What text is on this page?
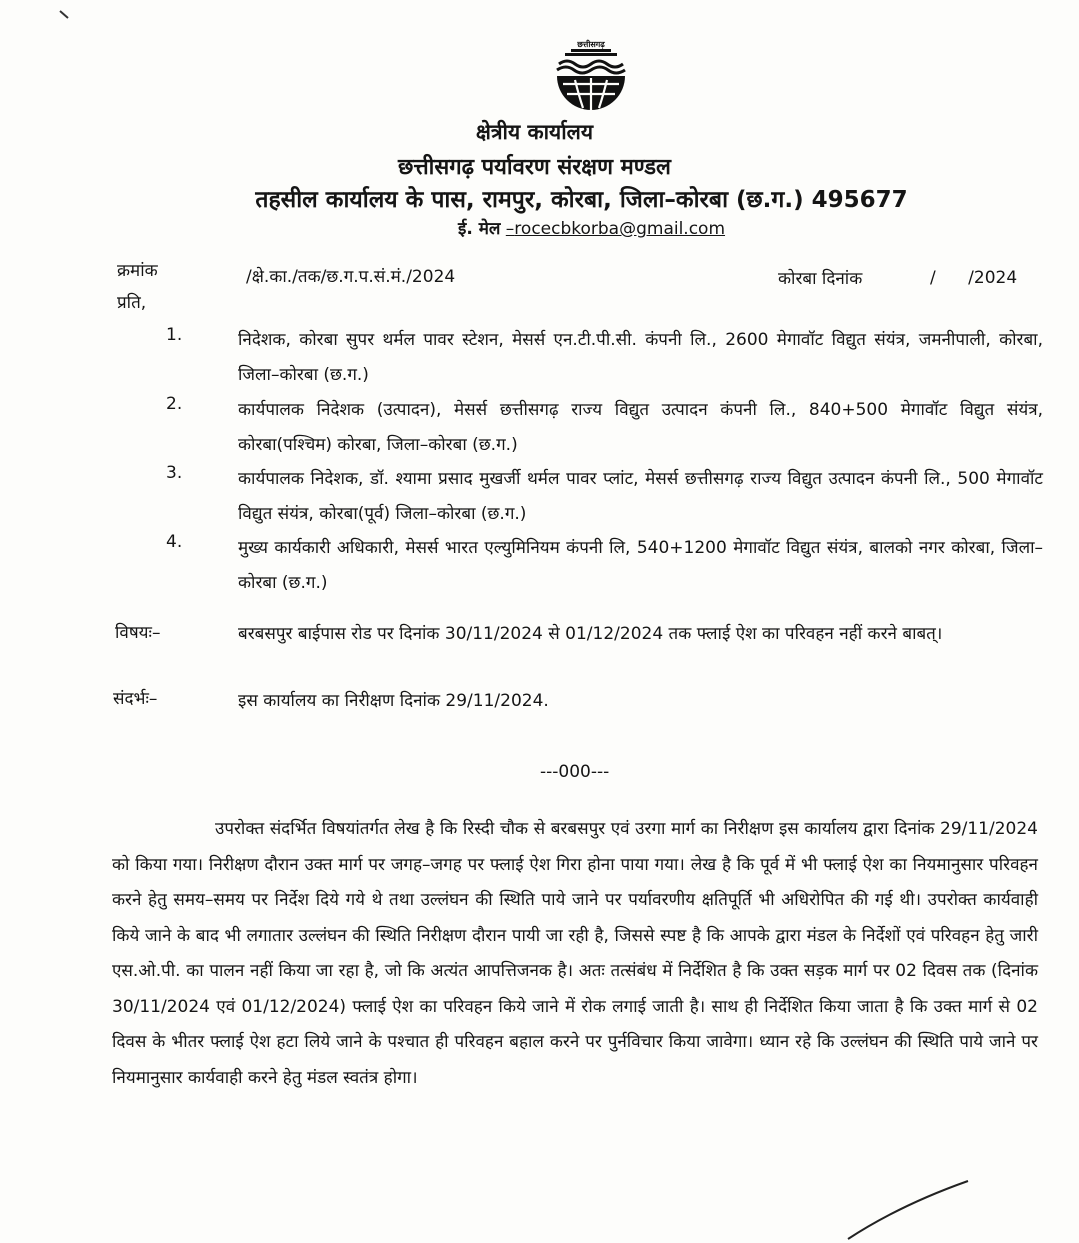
छत्तीसगढ़
क्षेत्रीय कार्यालय
छत्तीसगढ़ पर्यावरण संरक्षण मण्डल
तहसील कार्यालय के पास, रामपुर, कोरबा, जिला–कोरबा (छ.ग.) 495677
ई. मेल –rocecbkorba@gmail.com
क्रमांक	/क्षे.का./तक/छ.ग.प.सं.मं./2024	कोरबा दिनांक	/      /2024
प्रति,
1.	निदेशक, कोरबा सुपर थर्मल पावर स्टेशन, मेसर्स एन.टी.पी.सी. कंपनी लि., 2600 मेगावॉट विद्युत संयंत्र, जमनीपाली, कोरबा, जिला–कोरबा (छ.ग.)
2.	कार्यपालक निदेशक (उत्पादन), मेसर्स छत्तीसगढ़ राज्य विद्युत उत्पादन कंपनी लि., 840+500 मेगावॉट विद्युत संयंत्र, कोरबा(पश्चिम) कोरबा, जिला–कोरबा (छ.ग.)
3.	कार्यपालक निदेशक, डॉ. श्यामा प्रसाद मुखर्जी थर्मल पावर प्लांट, मेसर्स छत्तीसगढ़ राज्य विद्युत उत्पादन कंपनी लि., 500 मेगावॉट विद्युत संयंत्र, कोरबा(पूर्व) जिला–कोरबा (छ.ग.)
4.	मुख्य कार्यकारी अधिकारी, मेसर्स भारत एल्युमिनियम कंपनी लि, 540+1200 मेगावॉट विद्युत संयंत्र, बालको नगर कोरबा, जिला–कोरबा (छ.ग.)
विषयः–	बरबसपुर बाईपास रोड पर दिनांक 30/11/2024 से 01/12/2024 तक फ्लाई ऐश का परिवहन नहीं करने बाबत्।
संदर्भः–	इस कार्यालय का निरीक्षण दिनांक 29/11/2024.
---000---
उपरोक्त संदर्भित विषयांतर्गत लेख है कि रिस्दी चौक से बरबसपुर एवं उरगा मार्ग का निरीक्षण इस कार्यालय द्वारा दिनांक 29/11/2024 को किया गया। निरीक्षण दौरान उक्त मार्ग पर जगह–जगह पर फ्लाई ऐश गिरा होना पाया गया। लेख है कि पूर्व में भी फ्लाई ऐश का नियमानुसार परिवहन करने हेतु समय–समय पर निर्देश दिये गये थे तथा उल्लंघन की स्थिति पाये जाने पर पर्यावरणीय क्षतिपूर्ति भी अधिरोपित की गई थी। उपरोक्त कार्यवाही किये जाने के बाद भी लगातार उल्लंघन की स्थिति निरीक्षण दौरान पायी जा रही है, जिससे स्पष्ट है कि आपके द्वारा मंडल के निर्देशों एवं परिवहन हेतु जारी एस.ओ.पी. का पालन नहीं किया जा रहा है, जो कि अत्यंत आपत्तिजनक है। अतः तत्संबंध में निर्देशित है कि उक्त सड़क मार्ग पर 02 दिवस तक (दिनांक 30/11/2024 एवं 01/12/2024) फ्लाई ऐश का परिवहन किये जाने में रोक लगाई जाती है। साथ ही निर्देशित किया जाता है कि उक्त मार्ग से 02 दिवस के भीतर फ्लाई ऐश हटा लिये जाने के पश्चात ही परिवहन बहाल करने पर पुर्नविचार किया जावेगा। ध्यान रहे कि उल्लंघन की स्थिति पाये जाने पर नियमानुसार कार्यवाही करने हेतु मंडल स्वतंत्र होगा।
